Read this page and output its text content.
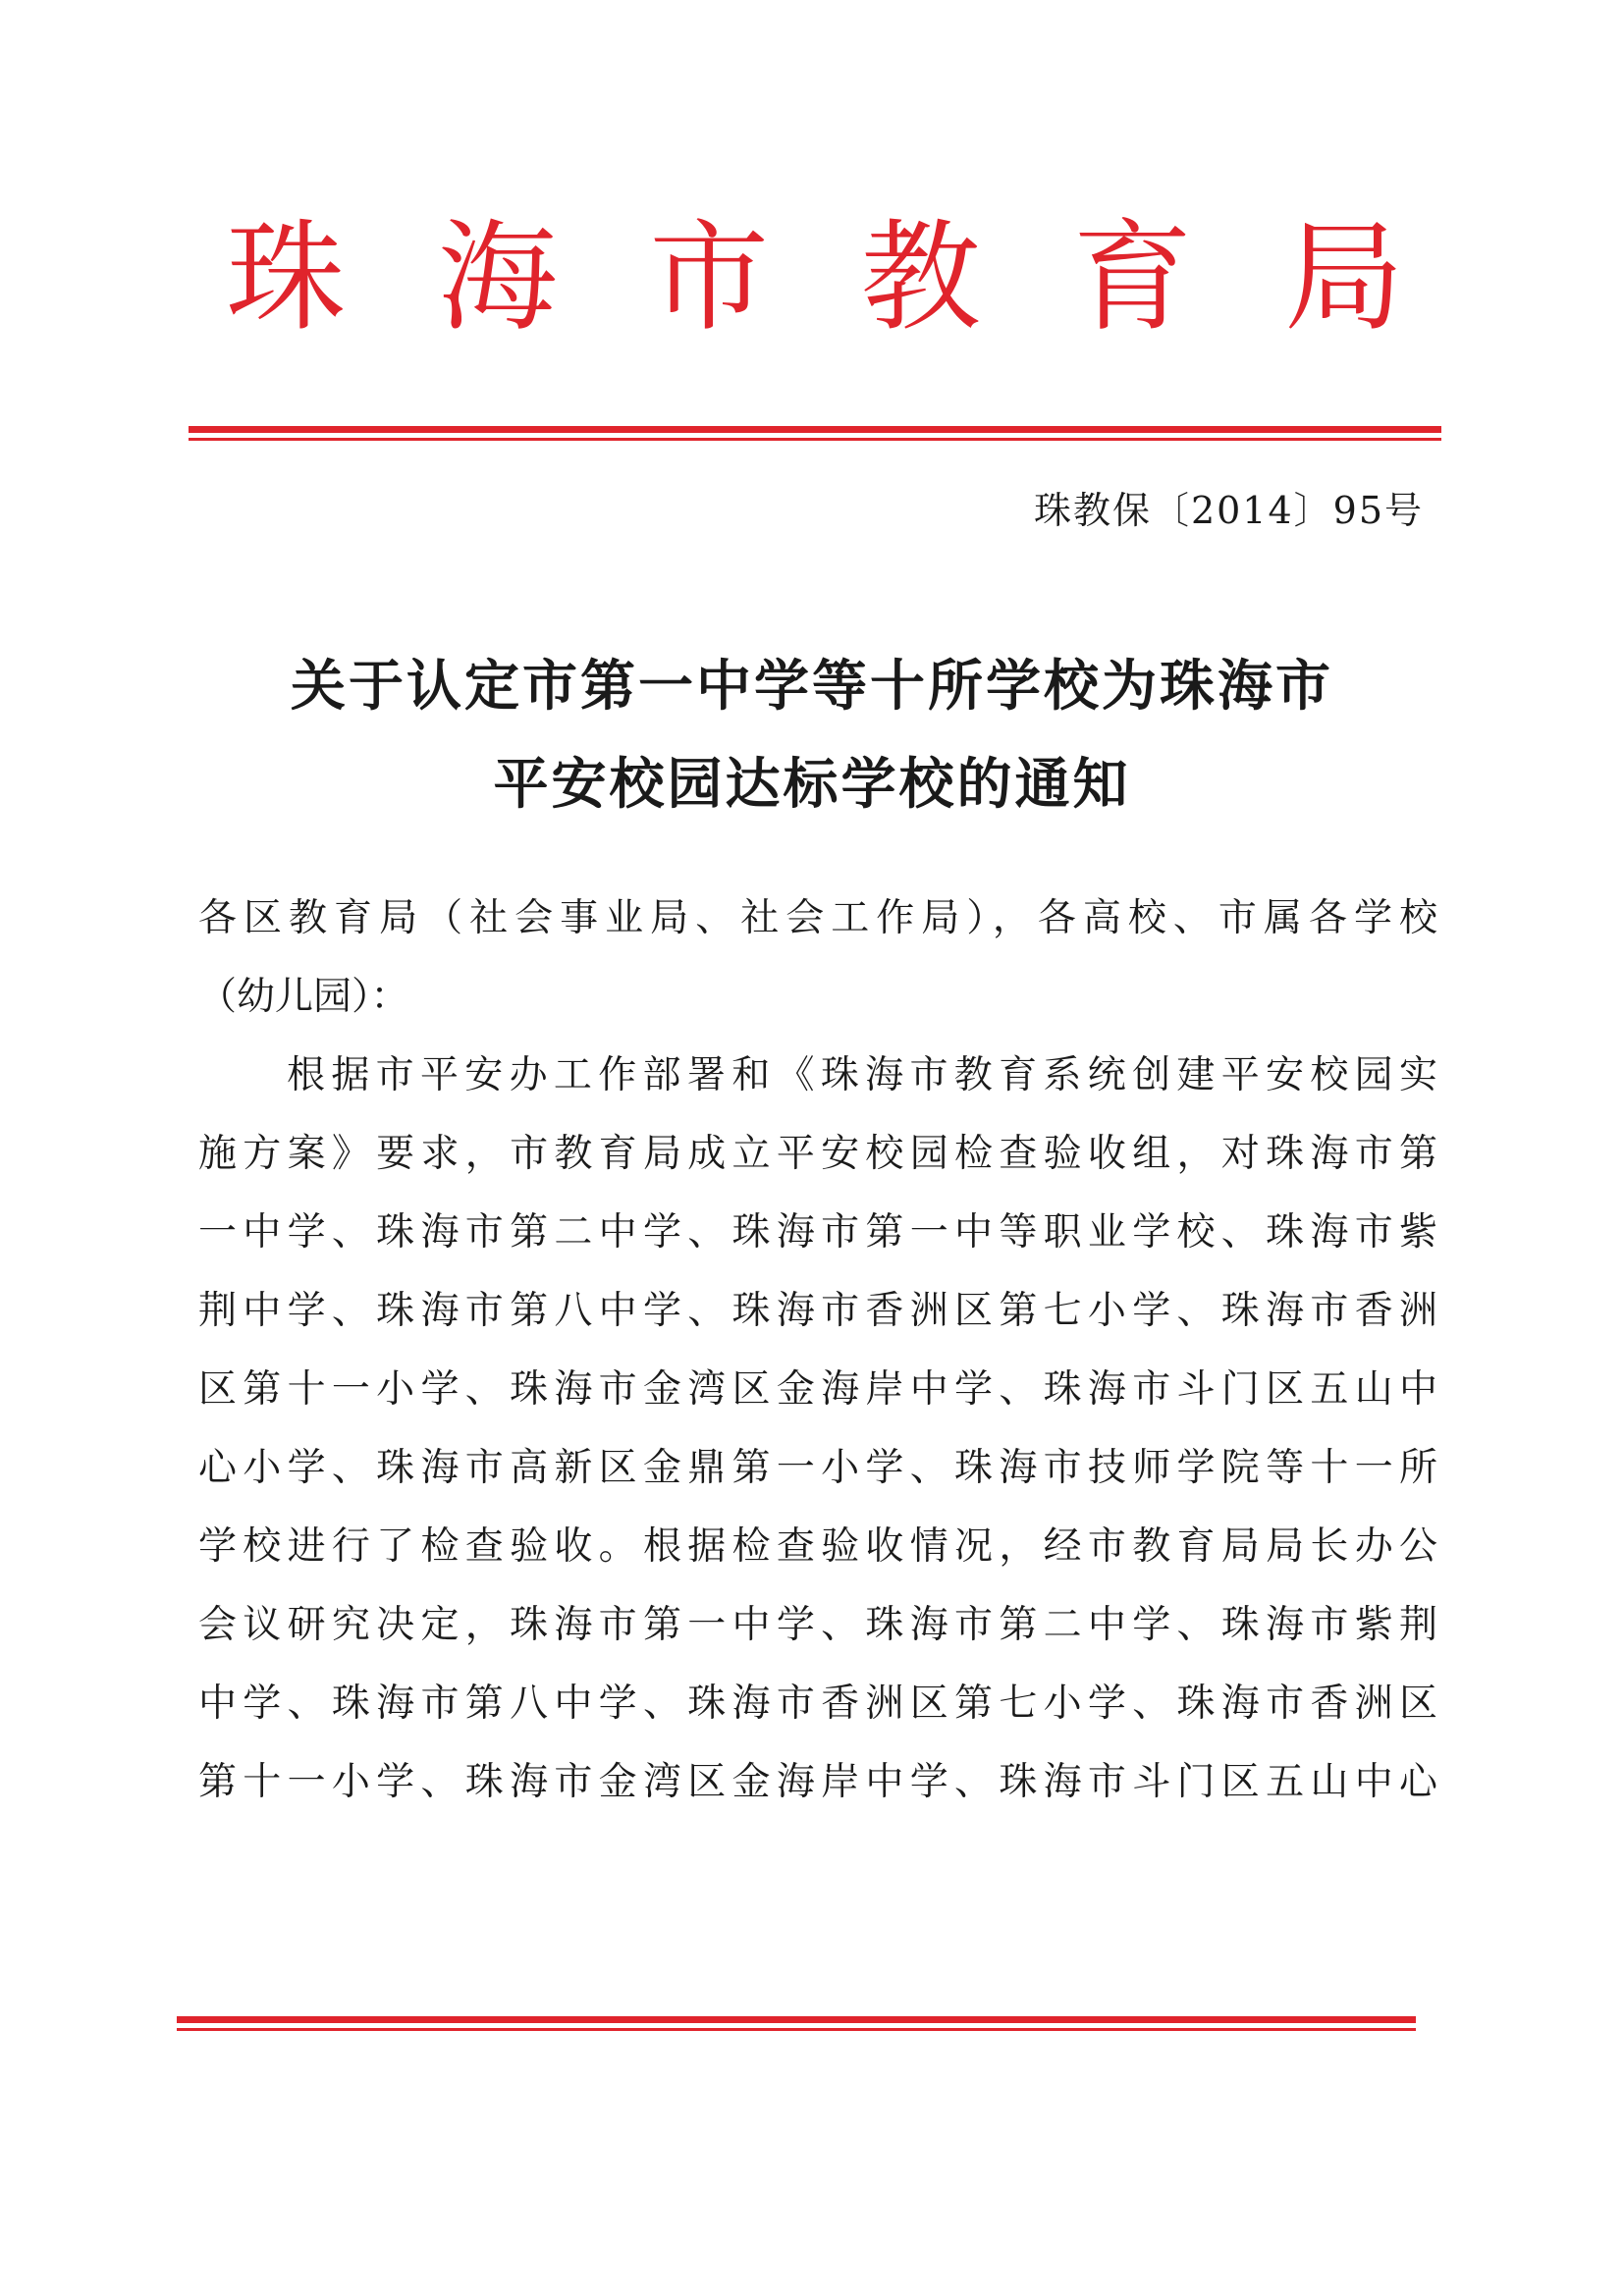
珠 海 市 教 育 局
珠教保〔2014〕95号
关于认定市第一中学等十所学校为珠海市
平安校园达标学校的通知
各区教育局（社会事业局、社会工作局），各高校、市属各学校
（幼儿园）：
根据市平安办工作部署和《珠海市教育系统创建平安校园实
施方案》要求，市教育局成立平安校园检查验收组，对珠海市第
一中学、珠海市第二中学、珠海市第一中等职业学校、珠海市紫
荆中学、珠海市第八中学、珠海市香洲区第七小学、珠海市香洲
区第十一小学、珠海市金湾区金海岸中学、珠海市斗门区五山中
心小学、珠海市高新区金鼎第一小学、珠海市技师学院等十一所
学校进行了检查验收。根据检查验收情况，经市教育局局长办公
会议研究决定，珠海市第一中学、珠海市第二中学、珠海市紫荆
中学、珠海市第八中学、珠海市香洲区第七小学、珠海市香洲区
第十一小学、珠海市金湾区金海岸中学、珠海市斗门区五山中心
